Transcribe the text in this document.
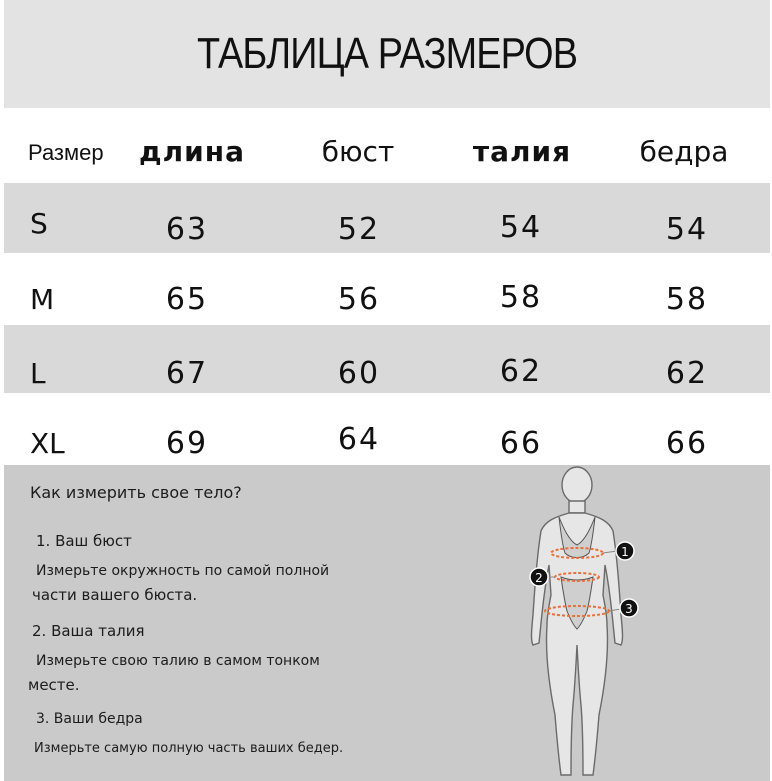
ТАБЛИЦА РАЗМЕРОВ
Размер	длина	бюст	талия	бедра
S	63	52	54	54
M	65	56	58	58
L	67	60	62	62
XL	69	64	66	66
Как измерить свое тело?
1. Ваш бюст
Измерьте окружность по самой полной
части вашего бюста.
2. Ваша талия
Измерьте свою талию в самом тонком
месте.
3. Ваши бедра
Измерьте самую полную часть ваших бедер.
1
2
3
